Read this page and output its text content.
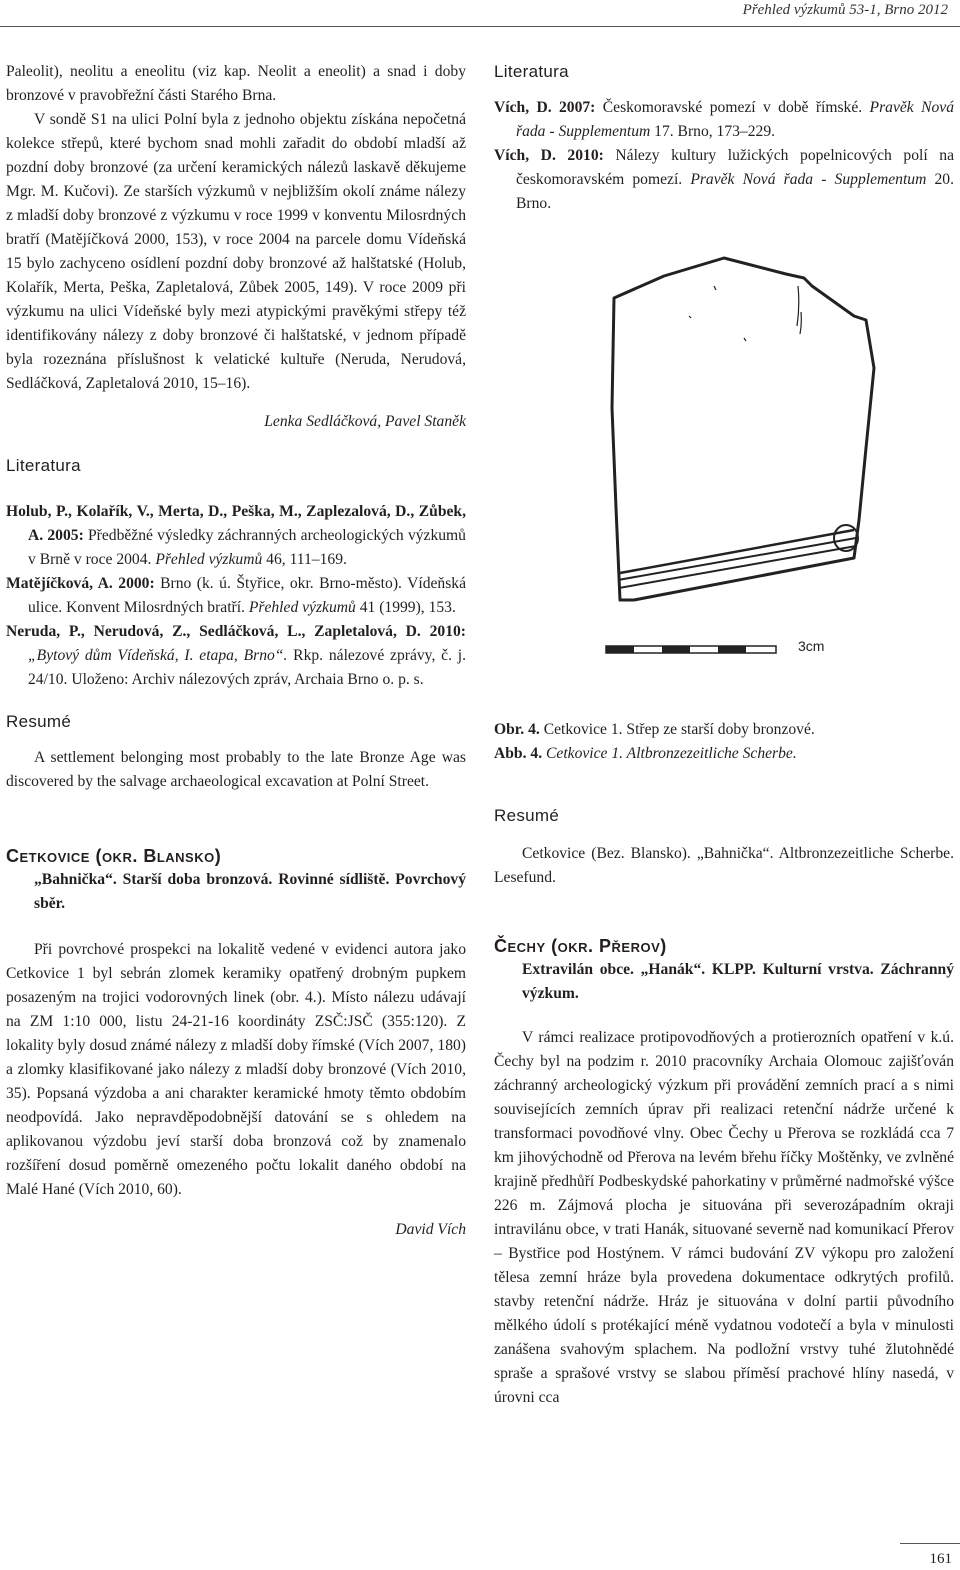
Přehled výzkumů 53-1, Brno 2012

Paleolit), neolitu a eneolitu (viz kap. Neolit a eneolit) a snad i doby bronzové v pravobřežní části Starého Brna.

V sondě S1 na ulici Polní byla z jednoho objektu získána nepočetná kolekce střepů, které bychom snad mohli zařadit do období mladší až pozdní doby bronzové (za určení keramických nálezů laskavě děkujeme Mgr. M. Kučovi). Ze starších výzkumů v nejbližším okolí známe nálezy z mladší doby bronzové z výzkumu v roce 1999 v konventu Milosrdných bratří (Matějíčková 2000, 153), v roce 2004 na parcele domu Vídeňská 15 bylo zachyceno osídlení pozdní doby bronzové až halštatské (Holub, Kolařík, Merta, Peška, Zapletalová, Zůbek 2005, 149). V roce 2009 při výzkumu na ulici Vídeňské byly mezi atypickými pravěkými střepy též identifikovány nálezy z doby bronzové či halštatské, v jednom případě byla rozeznána příslušnost k velatické kultuře (Neruda, Nerudová, Sedláčková, Zapletalová 2010, 15–16).

Lenka Sedláčková, Pavel Staněk

Literatura
Holub, P., Kolařík, V., Merta, D., Peška, M., Zaplezalová, D., Zůbek, A. 2005: Předběžné výsledky záchranných archeologických výzkumů v Brně v roce 2004. Přehled výzkumů 46, 111–169.
Matějíčková, A. 2000: Brno (k. ú. Štyřice, okr. Brno-město). Vídeňská ulice. Konvent Milosrdných bratří. Přehled výzkumů 41 (1999), 153.
Neruda, P., Nerudová, Z., Sedláčková, L., Zapletalová, D. 2010: „Bytový dům Vídeňská, I. etapa, Brno“. Rkp. nálezové zprávy, č. j. 24/10. Uloženo: Archiv nálezových zpráv, Archaia Brno o. p. s.
Resumé

A settlement belonging most probably to the late Bronze Age was discovered by the salvage archaeological excavation at Polní Street.

Cetkovice (okr. Blansko)

„Bahnička“. Starší doba bronzová. Rovinné sídliště. Povrchový sběr.

Při povrchové prospekci na lokalitě vedené v evidenci autora jako Cetkovice 1 byl sebrán zlomek keramiky opatřený drobným pupkem posazeným na trojici vodorovných linek (obr. 4.). Místo nálezu udávají na ZM 1:10 000, listu 24-21-16 koordináty ZSČ:JSČ (355:120). Z lokality byly dosud známé nálezy z mladší doby římské (Vích 2007, 180) a zlomky klasifikované jako nálezy z mladší doby bronzové (Vích 2010, 35). Popsaná výzdoba a ani charakter keramické hmoty těmto obdobím neodpovídá. Jako nepravděpodobnější datování se s ohledem na aplikovanou výzdobu jeví starší doba bronzová což by znamenalo rozšíření dosud poměrně omezeného počtu lokalit daného období na Malé Hané (Vích 2010, 60).

David Vích

Literatura
Vích, D. 2007: Českomoravské pomezí v době římské. Pravěk Nová řada - Supplementum 17. Brno, 173–229.
Vích, D. 2010: Nálezy kultury lužických popelnicových polí na českomoravském pomezí. Pravěk Nová řada - Supplementum 20. Brno.
3cm
Obr. 4. Cetkovice 1. Střep ze starší doby bronzové.
Abb. 4. Cetkovice 1. Altbronzezeitliche Scherbe.
Resumé

Cetkovice (Bez. Blansko). „Bahnička“. Altbronzezeitliche Scherbe. Lesefund.

Čechy (okr. Přerov)

Extravilán obce. „Hanák“. KLPP. Kulturní vrstva. Záchranný výzkum.

V rámci realizace protipovodňových a protierozních opatření v k.ú. Čechy byl na podzim r. 2010 pracovníky Archaia Olomouc zajišťován záchranný archeologický výzkum při provádění zemních prací a s nimi souvisejících zemních úprav při realizaci retenční nádrže určené k transformaci povodňové vlny. Obec Čechy u Přerova se rozkládá cca 7 km jihovýchodně od Přerova na levém břehu říčky Moštěnky, ve zvlněné krajině předhůří Podbeskydské pahorkatiny v průměrné nadmořské výšce 226 m. Zájmová plocha je situována při severozápadním okraji intravilánu obce, v trati Hanák, situované severně nad komunikací Přerov – Bystřice pod Hostýnem. V rámci budování ZV výkopu pro založení tělesa zemní hráze byla provedena dokumentace odkrytých profilů. stavby retenční nádrže. Hráz je situována v dolní partii původního mělkého údolí s protékající méně vydatnou vodotečí a byla v minulosti zanášena svahovým splachem. Na podložní vrstvy tuhé žlutohnědé spraše a sprašové vrstvy se slabou příměsí prachové hlíny nasedá, v úrovni cca

161
